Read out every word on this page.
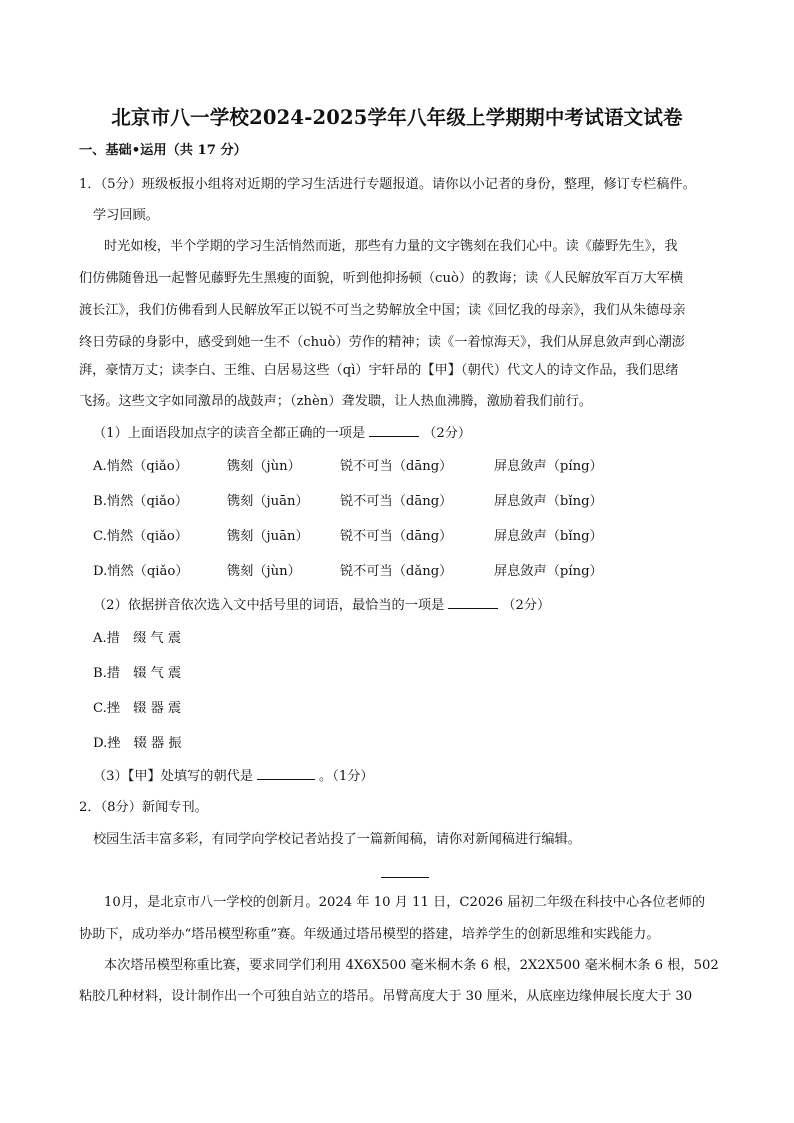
北京市八一学校2024-2025学年八年级上学期期中考试语文试卷
一、基础•运用（共 17 分）
1．（5分）班级板报小组将对近期的学习生活进行专题报道。请你以小记者的身份，整理，修订专栏稿件。
学习回顾。
时光如梭，半个学期的学习生活悄然而逝，那些有力量的文字镌刻在我们心中。读《藤野先生》，我
们仿佛随鲁迅一起瞥见藤野先生黑瘦的面貌，听到他抑扬顿（cuò）的教诲；读《人民解放军百万大军横
渡长江》，我们仿佛看到人民解放军正以锐不可当之势解放全中国；读《回忆我的母亲》，我们从朱德母亲
终日劳碌的身影中，感受到她一生不（chuò）劳作的精神；读《一着惊海天》，我们从屏息敛声到心潮澎
湃，豪情万丈；读李白、王维、白居易这些（qì）宇轩昂的【甲】（朝代）代文人的诗文作品，我们思绪
飞扬。这些文字如同激昂的战鼓声；（zhèn）聋发聩，让人热血沸腾，激励着我们前行。
（1）上面语段加点字的读音全都正确的一项是	（2分）
A.悄然（qiǎo）	镌刻（jùn）	锐不可当（dāng）	屏息敛声（píng）
B.悄然（qiǎo）	镌刻（juān） 锐不可当（dāng）	屏息敛声（bǐng）
C.悄然（qiǎo）	镌刻（juān） 锐不可当（dāng）	屏息敛声（bǐng）
D.悄然（qiǎo）	镌刻（jùn）	锐不可当（dǎng）	屏息敛声（píng）
（2）依据拼音依次选入文中括号里的词语，最恰当的一项是	（2分）
A.措　缀 气 震
B.措　辍 气 震
C.挫　辍 器 震
D.挫　辍 器 振
（3）【甲】处填写的朝代是	。（1分）
2．（8分）新闻专刊。
校园生活丰富多彩，有同学向学校记者站投了一篇新闻稿，请你对新闻稿进行编辑。
10月，是北京市八一学校的创新月。2024 年 10 月 11 日，C2026 届初二年级在科技中心各位老师的
协助下，成功举办“塔吊模型称重”赛。年级通过塔吊模型的搭建，培养学生的创新思维和实践能力。
本次塔吊模型称重比赛，要求同学们利用 4X6X500 毫米桐木条 6 根，2X2X500 毫米桐木条 6 根，502
粘胶几种材料，设计制作出一个可独自站立的塔吊。吊臂高度大于 30 厘米，从底座边缘伸展长度大于 30
